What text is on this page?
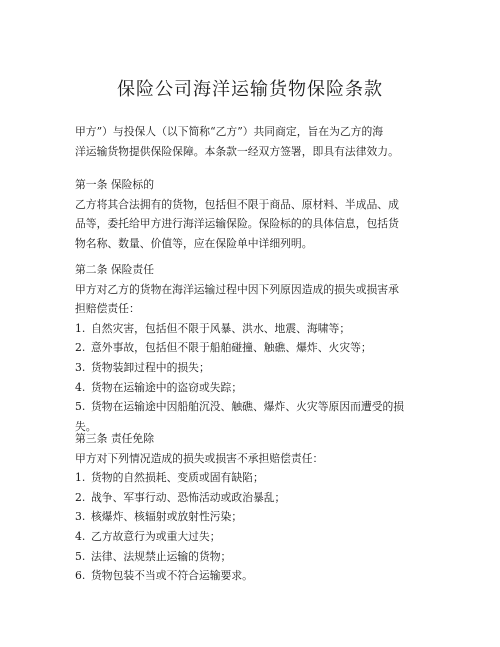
保险公司海洋运输货物保险条款
甲方”）与投保人（以下简称“乙方”）共同商定，旨在为乙方的海
洋运输货物提供保险保障。本条款一经双方签署，即具有法律效力。
第一条 保险标的
乙方将其合法拥有的货物，包括但不限于商品、原材料、半成品、成
品等，委托给甲方进行海洋运输保险。保险标的的具体信息，包括货
物名称、数量、价值等，应在保险单中详细列明。
第二条 保险责任
甲方对乙方的货物在海洋运输过程中因下列原因造成的损失或损害承
担赔偿责任：
1. 自然灾害，包括但不限于风暴、洪水、地震、海啸等；
2. 意外事故，包括但不限于船舶碰撞、触礁、爆炸、火灾等；
3. 货物装卸过程中的损失；
4. 货物在运输途中的盗窃或失踪；
5. 货物在运输途中因船舶沉没、触礁、爆炸、火灾等原因而遭受的损
失。
第三条 责任免除
甲方对下列情况造成的损失或损害不承担赔偿责任：
1. 货物的自然损耗、变质或固有缺陷；
2. 战争、军事行动、恐怖活动或政治暴乱；
3. 核爆炸、核辐射或放射性污染；
4. 乙方故意行为或重大过失；
5. 法律、法规禁止运输的货物；
6. 货物包装不当或不符合运输要求。
